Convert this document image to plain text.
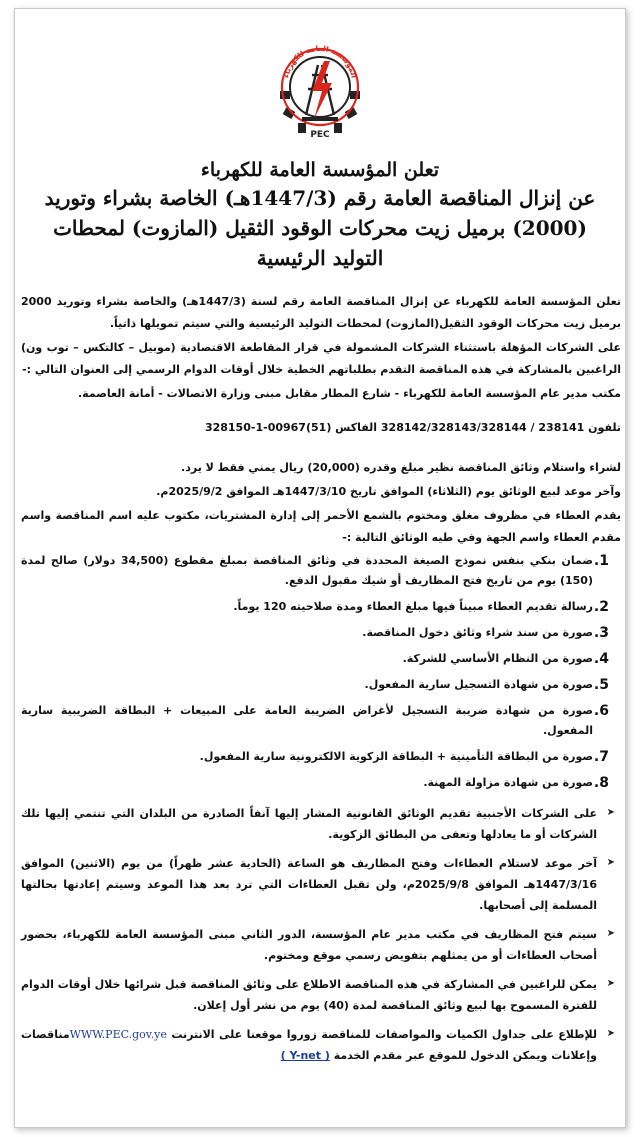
المؤسسة العامة للكهرباء
PEC

تعلن المؤسسة العامة للكهرباء

عن إنزال المناقصة العامة رقم (1447/3هـ) الخاصة بشراء وتوريد

(2000) برميل زيت محركات الوقود الثقيل (المازوت) لمحطات التوليد الرئيسية

تعلن المؤسسة العامة للكهرباء عن إنزال المناقصة العامة رقم لسنة (1447/3هـ) والخاصة بشراء وتوريد 2000 برميل زيت محركات الوقود الثقيل(المازوت) لمحطات التوليد الرئيسية والتي سيتم تمويلها ذاتياً.

على الشركات المؤهلة باستثناء الشركات المشمولة في قرار المقاطعة الاقتصادية (موبيل – كالتكس – توب ون) الراغبين بالمشاركة في هذه المناقصة التقدم بطلباتهم الخطية خلال أوقات الدوام الرسمي إلى العنوان التالي :-

مكتب مدير عام المؤسسة العامة للكهرباء - شارع المطار مقابل مبنى وزارة الاتصالات - أمانة العاصمة.

تلفون 238141 / 328142/328143/328144 الفاكس (51)00967-1-328150

لشراء واستلام وثائق المناقصة نظير مبلغ وقدره (20,000) ريال يمني فقط لا يرد.

وآخر موعد لبيع الوثائق يوم (الثلاثاء) الموافق تاريخ 1447/3/10هـ الموافق 2025/9/2م.

يقدم العطاء في مظروف مغلق ومختوم بالشمع الأحمر إلى إدارة المشتريات، مكتوب عليه اسم المناقصة واسم مقدم العطاء واسم الجهة وفي طيه الوثائق التالية :-

ضمان بنكي بنفس نموذج الصيغة المحددة في وثائق المناقصة بمبلغ مقطوع (34,500 دولار) صالح لمدة (150) يوم من تاريخ فتح المظاريف أو شيك مقبول الدفع.
رسالة تقديم العطاء مبيناً فيها مبلغ العطاء ومدة صلاحيته 120 يوماً.
صورة من سند شراء وثائق دخول المناقصة.
صورة من النظام الأساسي للشركة.
صورة من شهادة التسجيل سارية المفعول.
صورة من شهادة ضريبة التسجيل لأغراض الضريبة العامة على المبيعات + البطاقة الضريبية سارية المفعول.
صورة من البطاقة التأمينية + البطاقة الزكوية الالكترونية سارية المفعول.
صورة من شهادة مزاولة المهنة.
➤
على الشركات الأجنبية تقديم الوثائق القانونية المشار إليها آنفاً الصادرة من البلدان التي تنتمي إليها تلك الشركات أو ما يعادلها وتعفى من البطائق الزكوية.
➤
آخر موعد لاستلام العطاءات وفتح المظاريف هو الساعة (الحادية عشر ظهراً) من يوم (الاثنين) الموافق 1447/3/16هـ الموافق 2025/9/8م، ولن تقبل العطاءات التي ترد بعد هذا الموعد وسيتم إعادتها بحالتها المسلمة إلى أصحابها.
➤
سيتم فتح المظاريف في مكتب مدير عام المؤسسة، الدور الثاني مبنى المؤسسة العامة للكهرباء، بحضور أصحاب العطاءات أو من يمثلهم بتفويض رسمي موقع ومختوم.
➤
يمكن للراغبين في المشاركة في هذه المناقصة الاطلاع على وثائق المناقصة قبل شرائها خلال أوقات الدوام للفترة المسموح بها لبيع وثائق المناقصة لمدة (40) يوم من نشر أول إعلان.
➤
للإطلاع على جداول الكميات والمواصفات للمناقصة زوروا موقعنا على الانترنت WWW.PEC.gov.yeمناقصات وإعلانات ويمكن الدخول للموقع عبر مقدم الخدمة ( Y-net )
